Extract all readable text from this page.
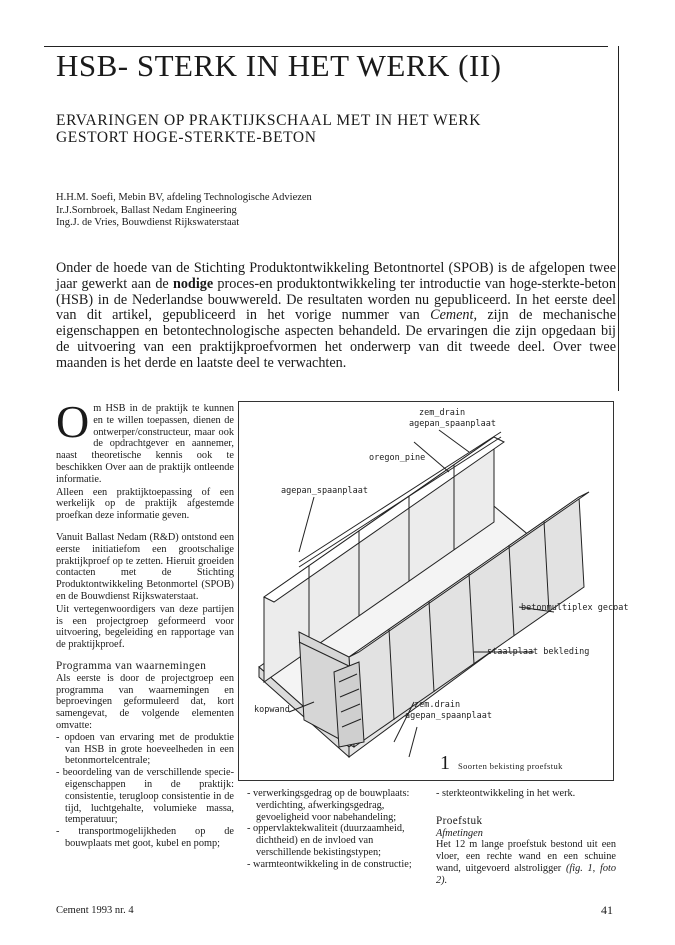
HSB- STERK IN HET WERK (II)
ERVARINGEN OP PRAKTIJKSCHAAL MET IN HET WERK
GESTORT HOGE-STERKTE-BETON
H.H.M. Soefi, Mebin BV, afdeling Technologische Adviezen
Ir.J.Sornbroek, Ballast Nedam Engineering
Ing.J. de Vries, Bouwdienst Rijkswaterstaat
Onder de hoede van de Stichting Produktontwikkeling Betontnortel (SPOB) is de afgelopen twee jaar gewerkt aan de nodige proces-en produktontwikkeling ter introductie van hoge-sterkte-beton (HSB) in de Nederlandse bouwwereld. De resultaten worden nu gepubliceerd. In het eerste deel van dit artikel, gepubliceerd in het vorige nummer van Cement, zijn de mechanische eigenschappen en betontechnologische aspecten behandeld. De ervaringen die zijn opgedaan bij de uitvoering van een praktijkproefvormen het onderwerp van dit tweede deel. Over twee maanden is het derde en laatste deel te verwachten.

Om HSB in de praktijk te kunnen en te willen toepassen, dienen de ontwerper/constructeur, maar ook de opdrachtgever en aannemer, naast theoretische kennis ook te beschikken Over aan de praktijk ontleende informatie.

Alleen een praktijktoepassing of een werkelijk op de praktijk afgestemde proefkan deze informatie geven.

Vanuit Ballast Nedam (R&D) ontstond een eerste initiatiefom een grootschalige praktijkproef op te zetten. Hieruit groeiden contacten met de Stichting Produktontwikkeling Betonmortel (SPOB) en de Bouwdienst Rijkswaterstaat.

Uit vertegenwoordigers van deze partijen is een projectgroep geformeerd voor uitvoering, begeleiding en rapportage van de praktijkproef.

Programma van waarnemingen

Als eerste is door de projectgroep een programma van waarnemingen en beproevingen geformuleerd dat, kort samengevat, de volgende elementen omvatte:

- opdoen van ervaring met de produktie van HSB in grote hoeveelheden in een betonmortelcentrale;
- beoordeling van de verschillende specie-eigenschappen in de praktijk: consistentie, terugloop consistentie in de tijd, luchtgehalte, volumieke massa, temperatuur;
- transportmogelijkheden op de bouwplaats met goot, kubel en pomp;
zem_drain
agepan_spaanplaat
oregon_pine
agepan_spaanplaat
betonmultiplex gecoat
staalplaat bekleding
kopwand	zem.drain
agepan_spaanplaat
1 Soorten bekisting proefstuk
- verwerkingsgedrag op de bouwplaats: verdichting, afwerkingsgedrag, gevoeligheid voor nabehandeling;
- oppervlaktekwaliteit (duurzaamheid, dichtheid) en de invloed van verschillende bekistingstypen;
- warmteontwikkeling in de constructie;
- sterkteontwikkeling in het werk.
Proefstuk
Afmetingen
Het 12 m lange proefstuk bestond uit een vloer, een rechte wand en een schuine wand, uitgevoerd alstroligger (fig. 1, foto 2).
Cement 1993 nr. 4	41
